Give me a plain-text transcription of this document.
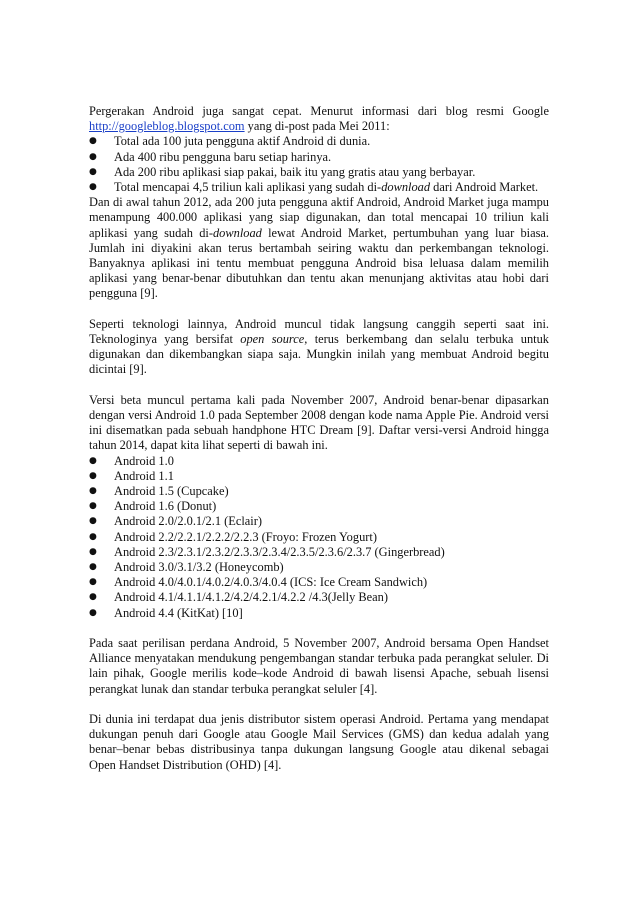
Pergerakan Android juga sangat cepat. Menurut informasi dari blog resmi Google http://googleblog.blogspot.com yang di-post pada Mei 2011:

●	Total ada 100 juta pengguna aktif Android di dunia.
●	Ada 400 ribu pengguna baru setiap harinya.
●	Ada 200 ribu aplikasi siap pakai, baik itu yang gratis atau yang berbayar.
●	Total mencapai 4,5 triliun kali aplikasi yang sudah di-download dari Android Market.

Dan di awal tahun 2012, ada 200 juta pengguna aktif Android, Android Market juga mampu menampung 400.000 aplikasi yang siap digunakan, dan total mencapai 10 triliun kali aplikasi yang sudah di-download lewat Android Market, pertumbuhan yang luar biasa. Jumlah ini diyakini akan terus bertambah seiring waktu dan perkembangan teknologi. Banyaknya aplikasi ini tentu membuat pengguna Android bisa leluasa dalam memilih aplikasi yang benar-benar dibutuhkan dan tentu akan menunjang aktivitas atau hobi dari pengguna [9].

Seperti teknologi lainnya, Android muncul tidak langsung canggih seperti saat ini. Teknologinya yang bersifat open source, terus berkembang dan selalu terbuka untuk digunakan dan dikembangkan siapa saja. Mungkin inilah yang membuat Android begitu dicintai [9].

Versi beta muncul pertama kali pada November 2007, Android benar-benar dipasarkan dengan versi Android 1.0 pada September 2008 dengan kode nama Apple Pie. Android versi ini disematkan pada sebuah handphone HTC Dream [9]. Daftar versi-versi Android hingga tahun 2014, dapat kita lihat seperti di bawah ini.

●	Android 1.0
●	Android 1.1
●	Android 1.5 (Cupcake)
●	Android 1.6 (Donut)
●	Android 2.0/2.0.1/2.1 (Eclair)
●	Android 2.2/2.2.1/2.2.2/2.2.3 (Froyo: Frozen Yogurt)
●	Android 2.3/2.3.1/2.3.2/2.3.3/2.3.4/2.3.5/2.3.6/2.3.7 (Gingerbread)
●	Android 3.0/3.1/3.2 (Honeycomb)
●	Android 4.0/4.0.1/4.0.2/4.0.3/4.0.4 (ICS: Ice Cream Sandwich)
●	Android 4.1/4.1.1/4.1.2/4.2/4.2.1/4.2.2 /4.3(Jelly Bean)
●	Android 4.4 (KitKat) [10]

Pada saat perilisan perdana Android, 5 November 2007, Android bersama Open Handset Alliance menyatakan mendukung pengembangan standar terbuka pada perangkat seluler. Di lain pihak, Google merilis kode–kode Android di bawah lisensi Apache, sebuah lisensi perangkat lunak dan standar terbuka perangkat seluler [4].

Di dunia ini terdapat dua jenis distributor sistem operasi Android. Pertama yang mendapat dukungan penuh dari Google atau Google Mail Services (GMS) dan kedua adalah yang benar–benar bebas distribusinya tanpa dukungan langsung Google atau dikenal sebagai Open Handset Distribution (OHD) [4].
